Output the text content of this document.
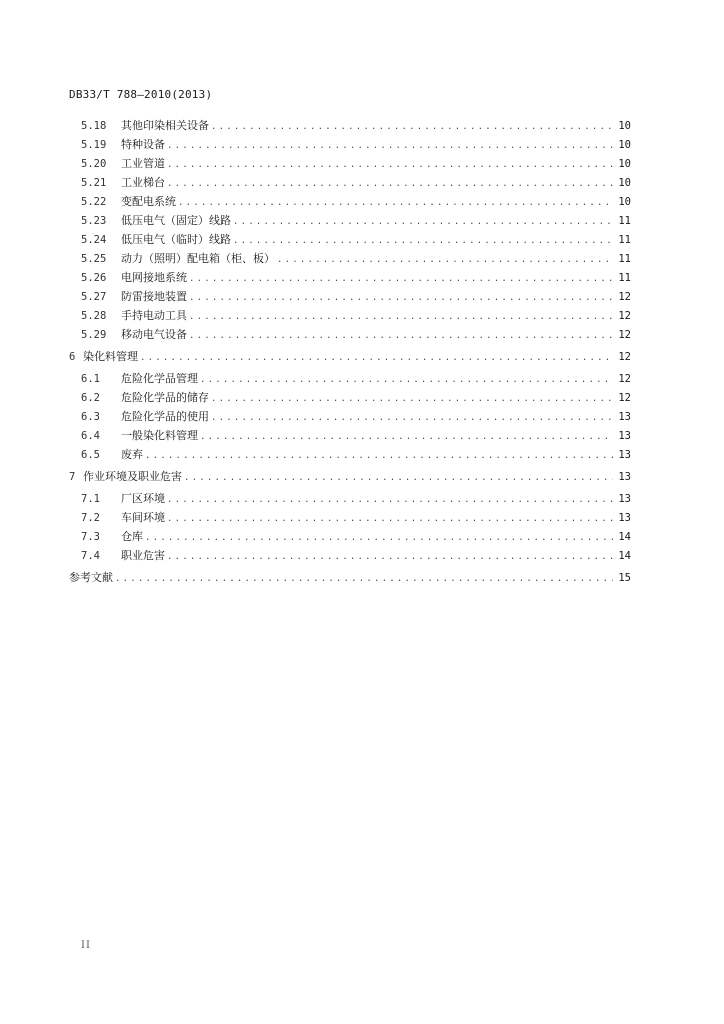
DB33/T 788—2010(2013)
5.18	其他印染相关设备 .....	10
5.19	特种设备 .....	10
5.20	工业管道 .....	10
5.21	工业梯台 .....	10
5.22	变配电系统 .....	10
5.23	低压电气（固定）线路 .....	11
5.24	低压电气（临时）线路 .....	11
5.25	动力（照明）配电箱（柜、板） .....	11
5.26	电网接地系统 .....	11
5.27	防雷接地装置 .....	12
5.28	手持电动工具 .....	12
5.29	移动电气设备 .....	12
6 染化料管理 .....	12
6.1	危险化学品管理 .....	12
6.2	危险化学品的储存 .....	12
6.3	危险化学品的使用 .....	13
6.4	一般染化料管理 .....	13
6.5	废弃 .....	13
7 作业环境及职业危害 .....	13
7.1	厂区环境 .....	13
7.2	车间环境 .....	13
7.3	仓库 .....	14
7.4	职业危害 .....	14
参考文献 .....	15
II
